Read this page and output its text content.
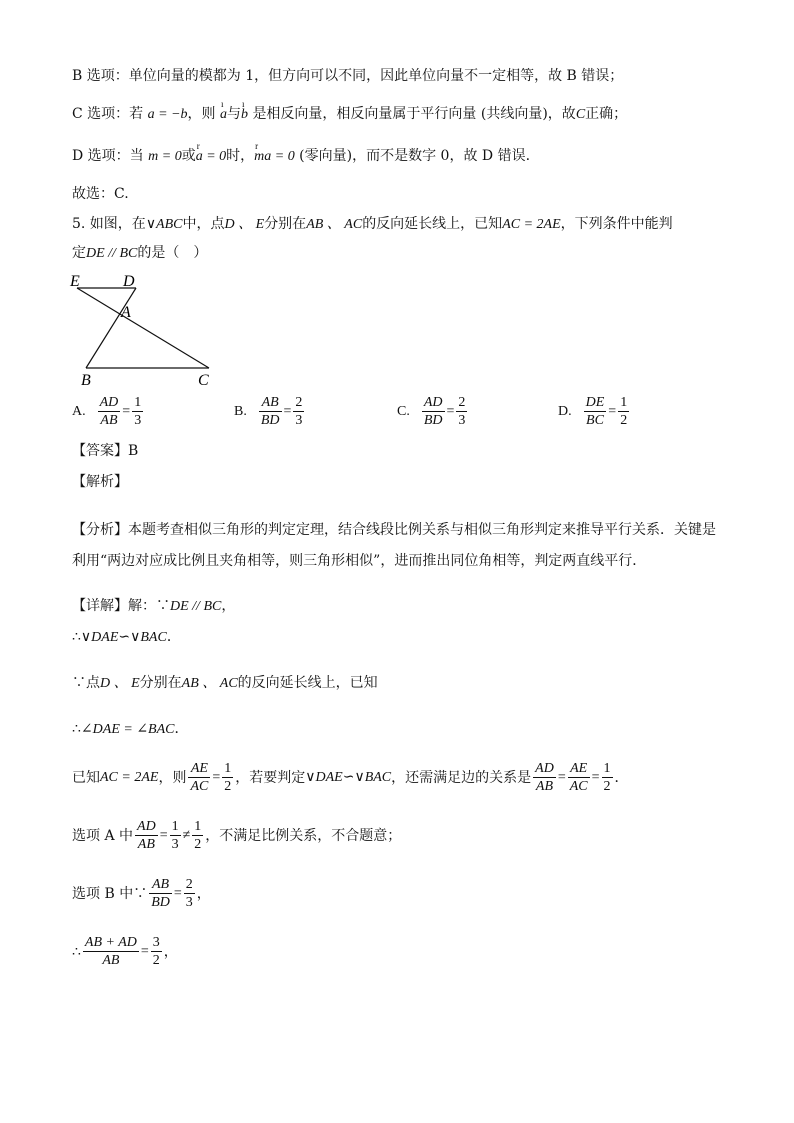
B 选项：单位向量的模都为 1，但方向可以不同，因此单位向量不一定相等，故 B 错误；
C 选项：若 a = −b，则 ı a与ı b 是相反向量，相反向量属于平行向量 (共线向量)，故C正确；
D 选项：当 m = 0或r a = 0时，r ma = 0 (零向量)，而不是数字 0，故 D 错误.
故选：C.
5. 如图，在∨ABC中，点D 、 E分别在AB 、 AC的反向延长线上，已知AC = 2AE，下列条件中能判
定DE // BC的是（　）
E	D
A
B	C
A. $\frac{AD}{AB} = \frac{1}{3}$	B. $\frac{AB}{BD} = \frac{2}{3}$	C. $\frac{AD}{BD} = \frac{2}{3}$	D. $\frac{DE}{BC} = \frac{1}{2}$
【答案】B
【解析】
【分析】本题考查相似三角形的判定定理，结合线段比例关系与相似三角形判定来推导平行关系．关键是
利用“两边对应成比例且夹角相等，则三角形相似”，进而推出同位角相等，判定两直线平行．
【详解】解：∵DE // BC，
∴∨DAE∽∨BAC．
∵点D 、 E分别在AB 、 AC的反向延长线上，已知
∴∠DAE = ∠BAC．
已知 AC = 2AE ，则 $\frac{AE}{AC} = \frac{1}{2}$ ，若要判定 ∨DAE∽∨BAC ，还需满足边的关系是 $\frac{AD}{AB} = \frac{AE}{AC} = \frac{1}{2}$ ．
选项 A 中 $\frac{AD}{AB} = \frac{1}{3} \ne \frac{1}{2}$ ，不满足比例关系，不合题意；
选项 B 中∵ $\frac{AB}{BD} = \frac{2}{3}$ ，
∴ $\frac{AB + AD}{AB} = \frac{3}{2}$ ，
